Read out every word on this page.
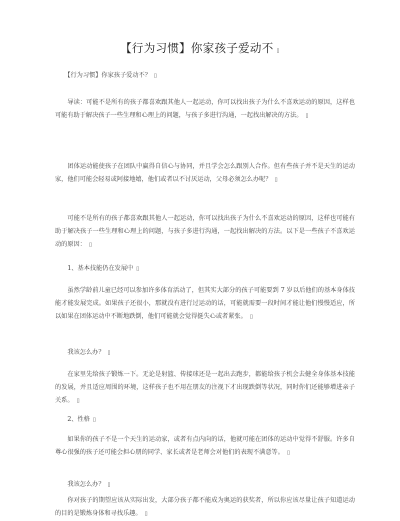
【行为习惯】你家孩子爱动不 ▯

【行为习惯】你家孩子爱动不？ ▯

导读：可能不是所有的孩子都喜欢跟其他人一起运动，你可以找出孩子为什么不喜欢运动的原因，这样也可能有助于解决孩子一些生理和心理上的问题，与孩子多进行沟通，一起找出解决的方法。 ▯

团体运动能使孩子在团队中赢得自信心与协同，并且学会怎么跟别人合作。但有些孩子并不是天生的运动家，他们可能会轻易或阿接地嬉，他们或者以不讨厌运动，父母必须怎么办呢？ ▯

可能不是所有的孩子都喜欢跟其他人一起运动，你可以找出孩子为什么不喜欢运动的原因，这样也可能有助于解决孩子一些生理和心理上的问题，与孩子多进行沟通，一起找出解决的方法。以下是一些孩子不喜欢运动的原因： ▯

1、基本技能仍在发展中 ▯

虽然学龄前儿童已经可以参加许多体育活动了，但其实大部分的孩子可能要到 7 岁以后他们的基本身体技能才能发展完成。如果孩子还很小，那就没有进行过运动的话，可能就需要一段时间才能让他们慢慢适应，所以如果在团体运动中不断地跌倒，他们可能就会觉得挺失心或者紧张。 ▯

我该怎么办？ ▯

在家里先给孩子锻炼一下。无论是射篮、传接球还是一起出去跑步，都能给孩子机会去健全身体基本技能的发展，并且适应周围的环境，这样孩子也不用在朋友的注视下才出现跌倒等状况，同时你们还能够增进亲子关系。 ▯

2、性格 ▯

如果你的孩子不是一个天生的运动家，或者有点内向的话，他就可能在团体的运动中觉得不舒服。许多自尊心很强的孩子还可能会担心朋的同学、家长或者是老师会对他们的表现不满意等。 ▯

我该怎么办？ ▯

你对孩子的期望应该从实际出发，大部分孩子都不能成为奥运的获奖者，所以你应该尽量让孩子知道运动的目的是锻炼身体和寻找乐趣。 ▯
